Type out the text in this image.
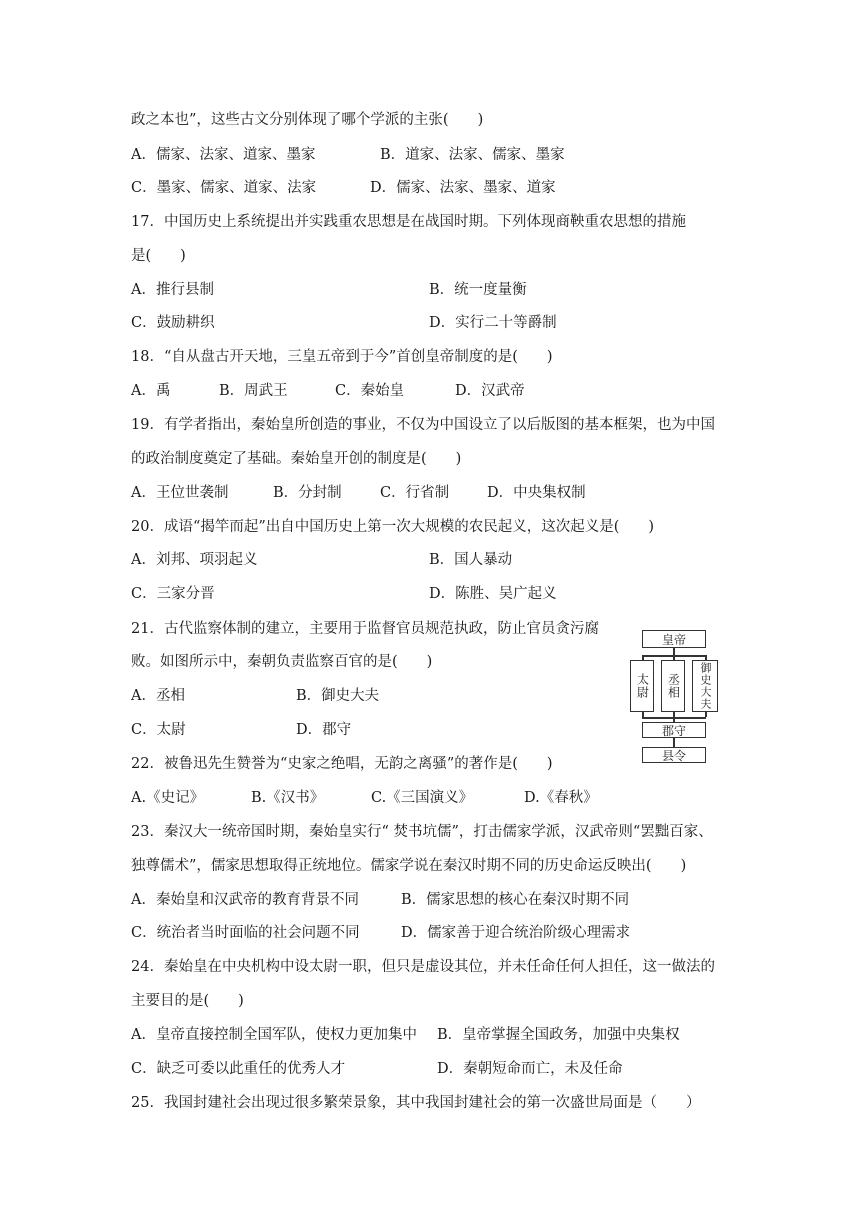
政之本也”，这些古文分别体现了哪个学派的主张(　　)
A．儒家、法家、道家、墨家	B．道家、法家、儒家、墨家
C．墨家、儒家、道家、法家	D．儒家、法家、墨家、道家
17．中国历史上系统提出并实践重农思想是在战国时期。下列体现商鞅重农思想的措施
是(　　)
A．推行县制	B．统一度量衡
C．鼓励耕织	D．实行二十等爵制
18．“自从盘古开天地，三皇五帝到于今”首创皇帝制度的是(　　)
A．禹	B．周武王	C．秦始皇	D．汉武帝
19．有学者指出，秦始皇所创造的事业，不仅为中国设立了以后版图的基本框架，也为中国
的政治制度奠定了基础。秦始皇开创的制度是(　　)
A．王位世袭制	B．分封制	C．行省制	D．中央集权制
20．成语“揭竿而起”出自中国历史上第一次大规模的农民起义，这次起义是(　　)
A．刘邦、项羽起义	B．国人暴动
C．三家分晋	D．陈胜、吴广起义
21．古代监察体制的建立，主要用于监督官员规范执政，防止官员贪污腐
败。如图所示中，秦朝负责监察百官的是(　　)
A．丞相	B．御史大夫
C．太尉	D．郡守
皇帝
太尉	丞相	御史大夫
郡守
县令
22．被鲁迅先生赞誉为“史家之绝唱，无韵之离骚”的著作是(　　)
A.《史记》	B.《汉书》	C.《三国演义》	D.《春秋》
23．秦汉大一统帝国时期，秦始皇实行“ 焚书坑儒”，打击儒家学派，汉武帝则“罢黜百家、
独尊儒术”，儒家思想取得正统地位。儒家学说在秦汉时期不同的历史命运反映出(　　)
A．秦始皇和汉武帝的教育背景不同	B．儒家思想的核心在秦汉时期不同
C．统治者当时面临的社会问题不同	D．儒家善于迎合统治阶级心理需求
24．秦始皇在中央机构中设太尉一职，但只是虚设其位，并未任命任何人担任，这一做法的
主要目的是(　　)
A．皇帝直接控制全国军队，使权力更加集中 B．皇帝掌握全国政务，加强中央集权
C．缺乏可委以此重任的优秀人才	D．秦朝短命而亡，未及任命
25．我国封建社会出现过很多繁荣景象，其中我国封建社会的第一次盛世局面是（　　）
